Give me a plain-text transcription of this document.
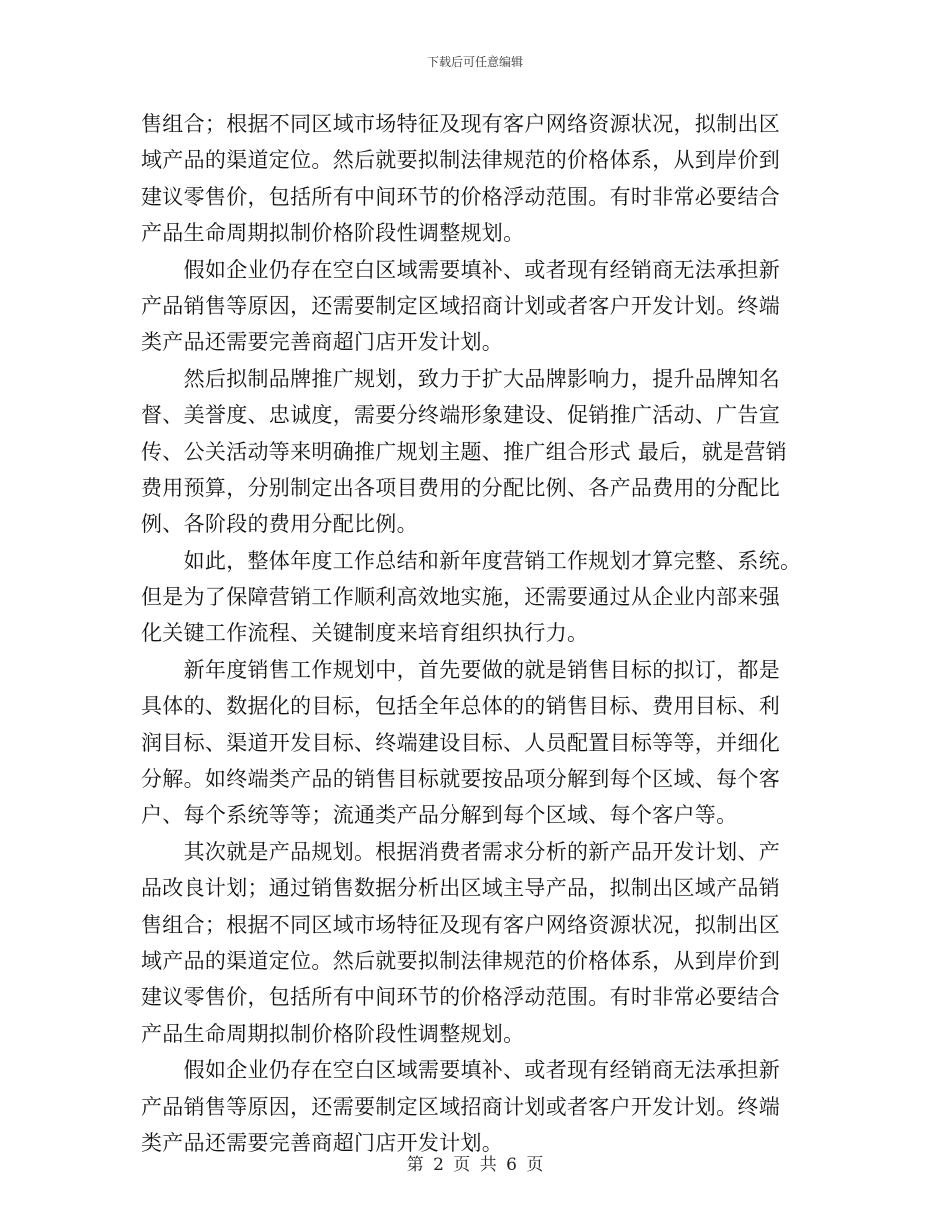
下载后可任意编辑
售组合；根据不同区域市场特征及现有客户网络资源状况，拟制出区
域产品的渠道定位。然后就要拟制法律规范的价格体系，从到岸价到
建议零售价，包括所有中间环节的价格浮动范围。有时非常必要结合
产品生命周期拟制价格阶段性调整规划。
　　假如企业仍存在空白区域需要填补、或者现有经销商无法承担新
产品销售等原因，还需要制定区域招商计划或者客户开发计划。终端
类产品还需要完善商超门店开发计划。
　　然后拟制品牌推广规划，致力于扩大品牌影响力，提升品牌知名
督、美誉度、忠诚度，需要分终端形象建设、促销推广活动、广告宣
传、公关活动等来明确推广规划主题、推广组合形式 最后，就是营销
费用预算，分别制定出各项目费用的分配比例、各产品费用的分配比
例、各阶段的费用分配比例。
　　如此，整体年度工作总结和新年度营销工作规划才算完整、系统。
但是为了保障营销工作顺利高效地实施，还需要通过从企业内部来强
化关键工作流程、关键制度来培育组织执行力。
　　新年度销售工作规划中，首先要做的就是销售目标的拟订，都是
具体的、数据化的目标，包括全年总体的的销售目标、费用目标、利
润目标、渠道开发目标、终端建设目标、人员配置目标等等，并细化
分解。如终端类产品的销售目标就要按品项分解到每个区域、每个客
户、每个系统等等；流通类产品分解到每个区域、每个客户等。
　　其次就是产品规划。根据消费者需求分析的新产品开发计划、产
品改良计划；通过销售数据分析出区域主导产品，拟制出区域产品销
售组合；根据不同区域市场特征及现有客户网络资源状况，拟制出区
域产品的渠道定位。然后就要拟制法律规范的价格体系，从到岸价到
建议零售价，包括所有中间环节的价格浮动范围。有时非常必要结合
产品生命周期拟制价格阶段性调整规划。
　　假如企业仍存在空白区域需要填补、或者现有经销商无法承担新
产品销售等原因，还需要制定区域招商计划或者客户开发计划。终端
类产品还需要完善商超门店开发计划。
第 2 页 共 6 页
